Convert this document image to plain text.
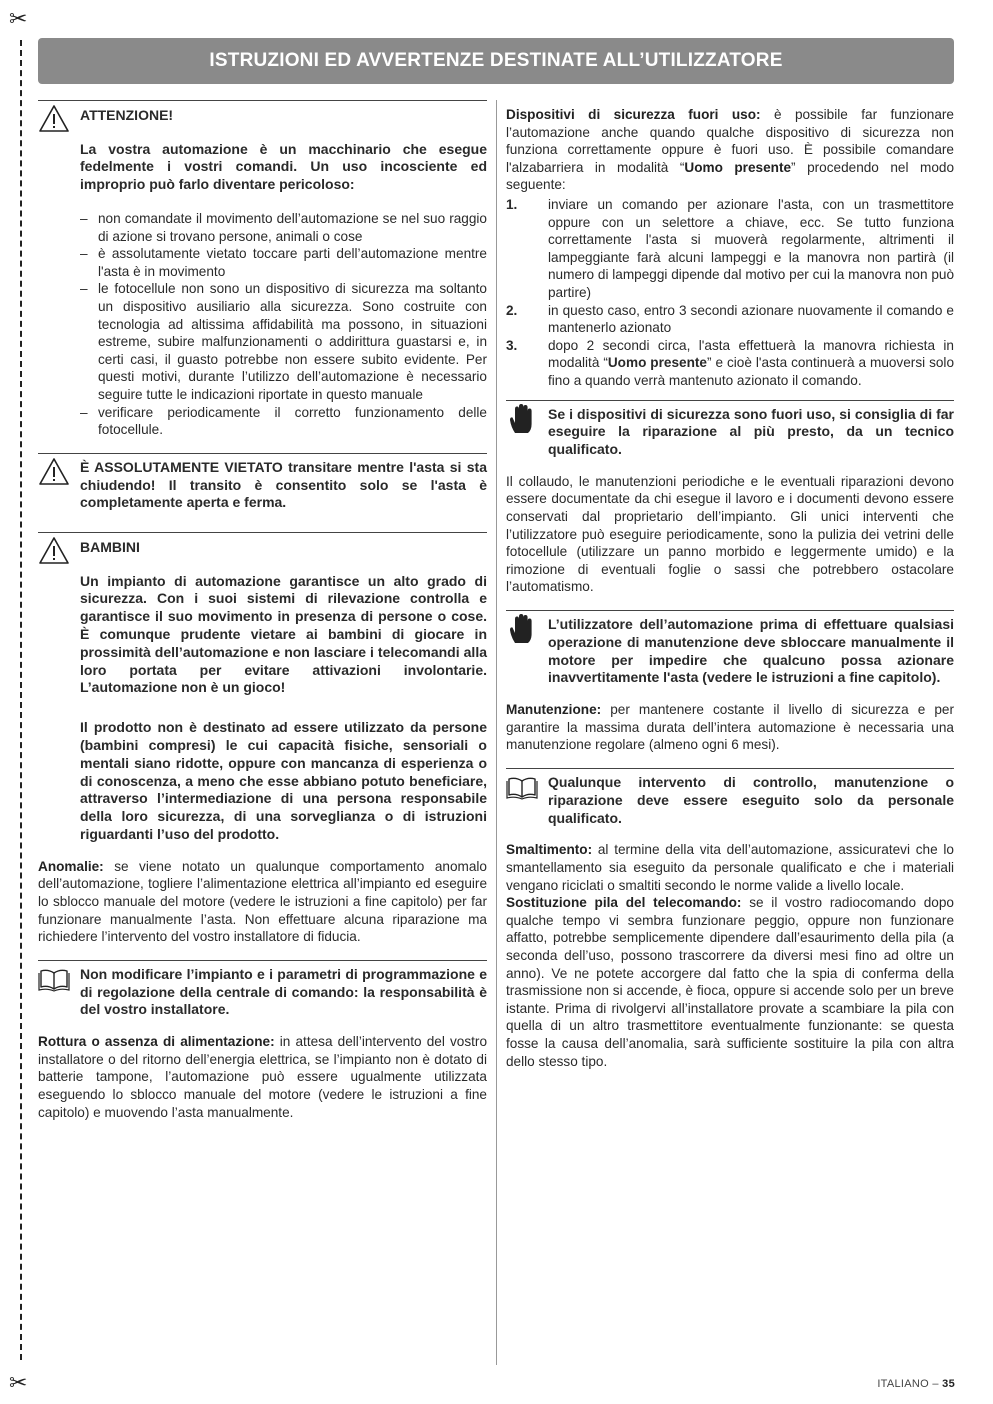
✂
✂
ISTRUZIONI ED AVVERTENZE DESTINATE ALL’UTILIZZATORE
ATTENZIONE!
La vostra automazione è un macchinario che esegue fedelmente i vostri comandi. Un uso incosciente ed improprio può farlo diventare pericoloso:
– non comandate il movimento dell’automazione se nel suo raggio di azione si trovano persone, animali o cose
– è assolutamente vietato toccare parti dell’automazione mentre l'asta è in movimento
– le fotocellule non sono un dispositivo di sicurezza ma soltanto un dispositivo ausiliario alla sicurezza. Sono costruite con tecnologia ad altissima affidabilità ma possono, in situazioni estreme, subire malfunzionamenti o addirittura guastarsi e, in certi casi, il guasto potrebbe non essere subito evidente. Per questi motivi, durante l’utilizzo dell’automazione è necessario seguire tutte le indicazioni riportate in questo manuale
– verificare periodicamente il corretto funzionamento delle fotocellule.
È ASSOLUTAMENTE VIETATO transitare mentre l'asta si sta chiudendo! Il transito è consentito solo se l'asta è completamente aperta e ferma.
BAMBINI
Un impianto di automazione garantisce un alto grado di sicurezza. Con i suoi sistemi di rilevazione controlla e garantisce il suo movimento in presenza di persone o cose. È comunque prudente vietare ai bambini di giocare in prossimità dell’automazione e non lasciare i telecomandi alla loro portata per evitare attivazioni involontarie. L’automazione non è un gioco!
Il prodotto non è destinato ad essere utilizzato da persone (bambini compresi) le cui capacità fisiche, sensoriali o mentali siano ridotte, oppure con mancanza di esperienza o di conoscenza, a meno che esse abbiano potuto beneficiare, attraverso l’intermediazione di una persona responsabile della loro sicurezza, di una sorveglianza o di istruzioni riguardanti l’uso del prodotto.
Anomalie: se viene notato un qualunque comportamento anomalo dell’automazione, togliere l’alimentazione elettrica all’impianto ed eseguire lo sblocco manuale del motore (vedere le istruzioni a fine capitolo) per far funzionare manualmente l’asta. Non effettuare alcuna riparazione ma richiedere l’intervento del vostro installatore di fiducia.
Non modificare l’impianto e i parametri di programmazione e di regolazione della centrale di comando: la responsabilità è del vostro installatore.
Rottura o assenza di alimentazione: in attesa dell’intervento del vostro installatore o del ritorno dell’energia elettrica, se l’impianto non è dotato di batterie tampone, l’automazione può essere ugualmente utilizzata eseguendo lo sblocco manuale del motore (vedere le istruzioni a fine capitolo) e muovendo l’asta manualmente.
Dispositivi di sicurezza fuori uso: è possibile far funzionare l’automazione anche quando qualche dispositivo di sicurezza non funziona correttamente oppure è fuori uso. È possibile comandare l'alzabarriera in modalità “Uomo presente” procedendo nel modo seguente:
1. inviare un comando per azionare l'asta, con un trasmettitore oppure con un selettore a chiave, ecc. Se tutto funziona correttamente l'asta si muoverà regolarmente, altrimenti il lampeggiante farà alcuni lampeggi e la manovra non partirà (il numero di lampeggi dipende dal motivo per cui la manovra non può partire)
2. in questo caso, entro 3 secondi azionare nuovamente il comando e mantenerlo azionato
3. dopo 2 secondi circa, l'asta effettuerà la manovra richiesta in modalità “Uomo presente” e cioè l'asta continuerà a muoversi solo fino a quando verrà mantenuto azionato il comando.
Se i dispositivi di sicurezza sono fuori uso, si consiglia di far eseguire la riparazione al più presto, da un tecnico qualificato.
Il collaudo, le manutenzioni periodiche e le eventuali riparazioni devono essere documentate da chi esegue il lavoro e i documenti devono essere conservati dal proprietario dell’impianto. Gli unici interventi che l’utilizzatore può eseguire periodicamente, sono la pulizia dei vetrini delle fotocellule (utilizzare un panno morbido e leggermente umido) e la rimozione di eventuali foglie o sassi che potrebbero ostacolare l’automatismo.
L’utilizzatore dell’automazione prima di effettuare qualsiasi operazione di manutenzione deve sbloccare manualmente il motore per impedire che qualcuno possa azionare inavvertitamente l'asta (vedere le istruzioni a fine capitolo).
Manutenzione: per mantenere costante il livello di sicurezza e per garantire la massima durata dell’intera automazione è necessaria una manutenzione regolare (almeno ogni 6 mesi).
Qualunque intervento di controllo, manutenzione o riparazione deve essere eseguito solo da personale qualificato.
Smaltimento: al termine della vita dell’automazione, assicuratevi che lo smantellamento sia eseguito da personale qualificato e che i materiali vengano riciclati o smaltiti secondo le norme valide a livello locale.
Sostituzione pila del telecomando: se il vostro radiocomando dopo qualche tempo vi sembra funzionare peggio, oppure non funzionare affatto, potrebbe semplicemente dipendere dall’esaurimento della pila (a seconda dell’uso, possono trascorrere da diversi mesi fino ad oltre un anno). Ve ne potete accorgere dal fatto che la spia di conferma della trasmissione non si accende, è fioca, oppure si accende solo per un breve istante. Prima di rivolgervi all’installatore provate a scambiare la pila con quella di un altro trasmettitore eventualmente funzionante: se questa fosse la causa dell’anomalia, sarà sufficiente sostituire la pila con altra dello stesso tipo.
ITALIANO – 35
